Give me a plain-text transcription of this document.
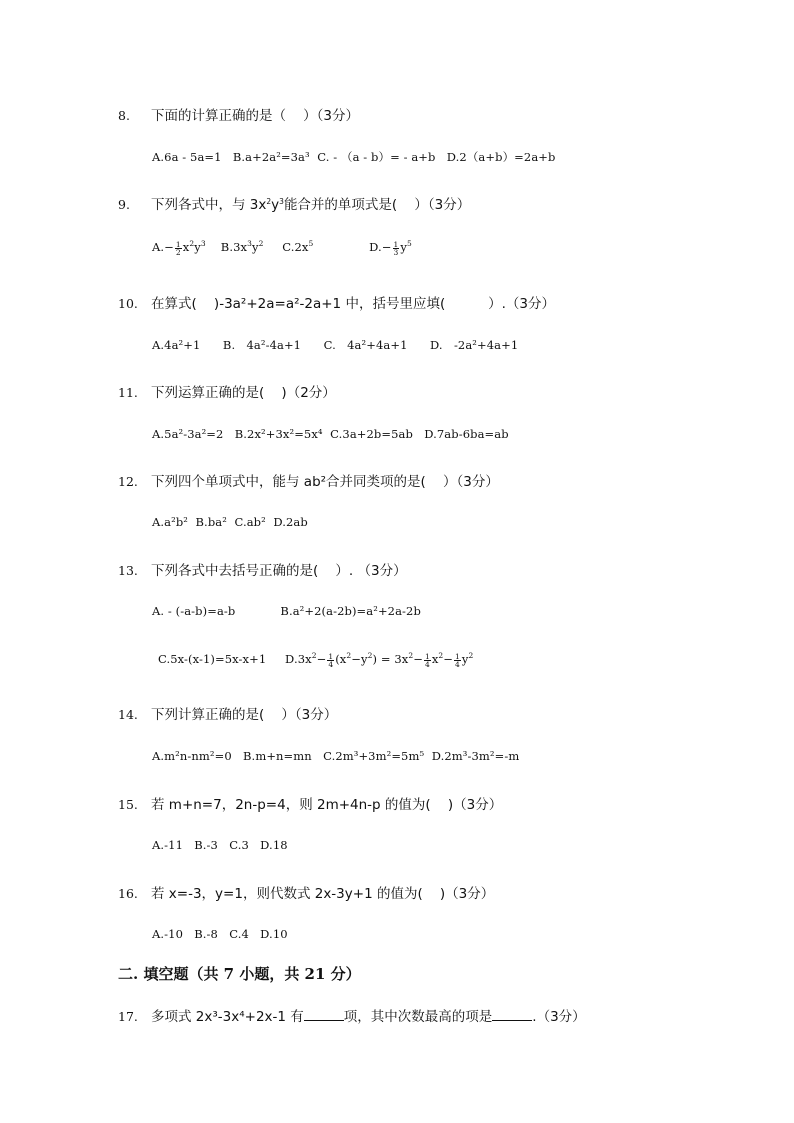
8. 下面的计算正确的是（    ）（3分）
A.6a - 5a=1   B.a+2a²=3a³  C. - （a - b）= - a+b   D.2（a+b）=2a+b
9. 下列各式中，与 $3x^2y^3$能合并的单项式是(    ）（3分）
$A.- \frac{1}{2} x^2y^3$ $B.3x^3y^2$ $C.2x^5$	$D.- \frac{1}{3} y^5$
10. 在算式(    )-3a²+2a=a²-2a+1 中，括号里应填(          ）.（3分）
A.4a²+1      B.   4a²-4a+1      C.   4a²+4a+1      D.   -2a²+4a+1
11. 下列运算正确的是(    )（2分）
A.5a²-3a²=2   B.2x²+3x²=5x⁴  C.3a+2b=5ab   D.7ab-6ba=ab
12. 下列四个单项式中，能与 ab²合并同类项的是(    ）（3分）
A.a²b²  B.ba²  C.ab²  D.2ab
13. 下列各式中去括号正确的是(    ）. （3分）
A. - (-a-b)=a-b            B.a²+2(a-2b)=a²+2a-2b
C.5x-(x-1)=5x-x+1 $D.3x^2- \frac{1}{4} (x^2-y^2) = 3x^2- \frac{1}{4} x^2- \frac{1}{4} y^2$
14. 下列计算正确的是(    ）（3分）
A.m²n-nm²=0   B.m+n=mn   C.2m³+3m²=5m⁵  D.2m³-3m²=-m
15. 若 m+n=7，2n-p=4，则 2m+4n-p 的值为(    )（3分）
A.-11   B.-3   C.3   D.18
16. 若 x=-3，y=1，则代数式 2x-3y+1 的值为(    )（3分）
A.-10   B.-8   C.4   D.10
二. 填空题（共 7 小题，共 21 分）
17. 多项式 2x³-3x⁴+2x-1 有	项，其中次数最高的项是	.（3分）
